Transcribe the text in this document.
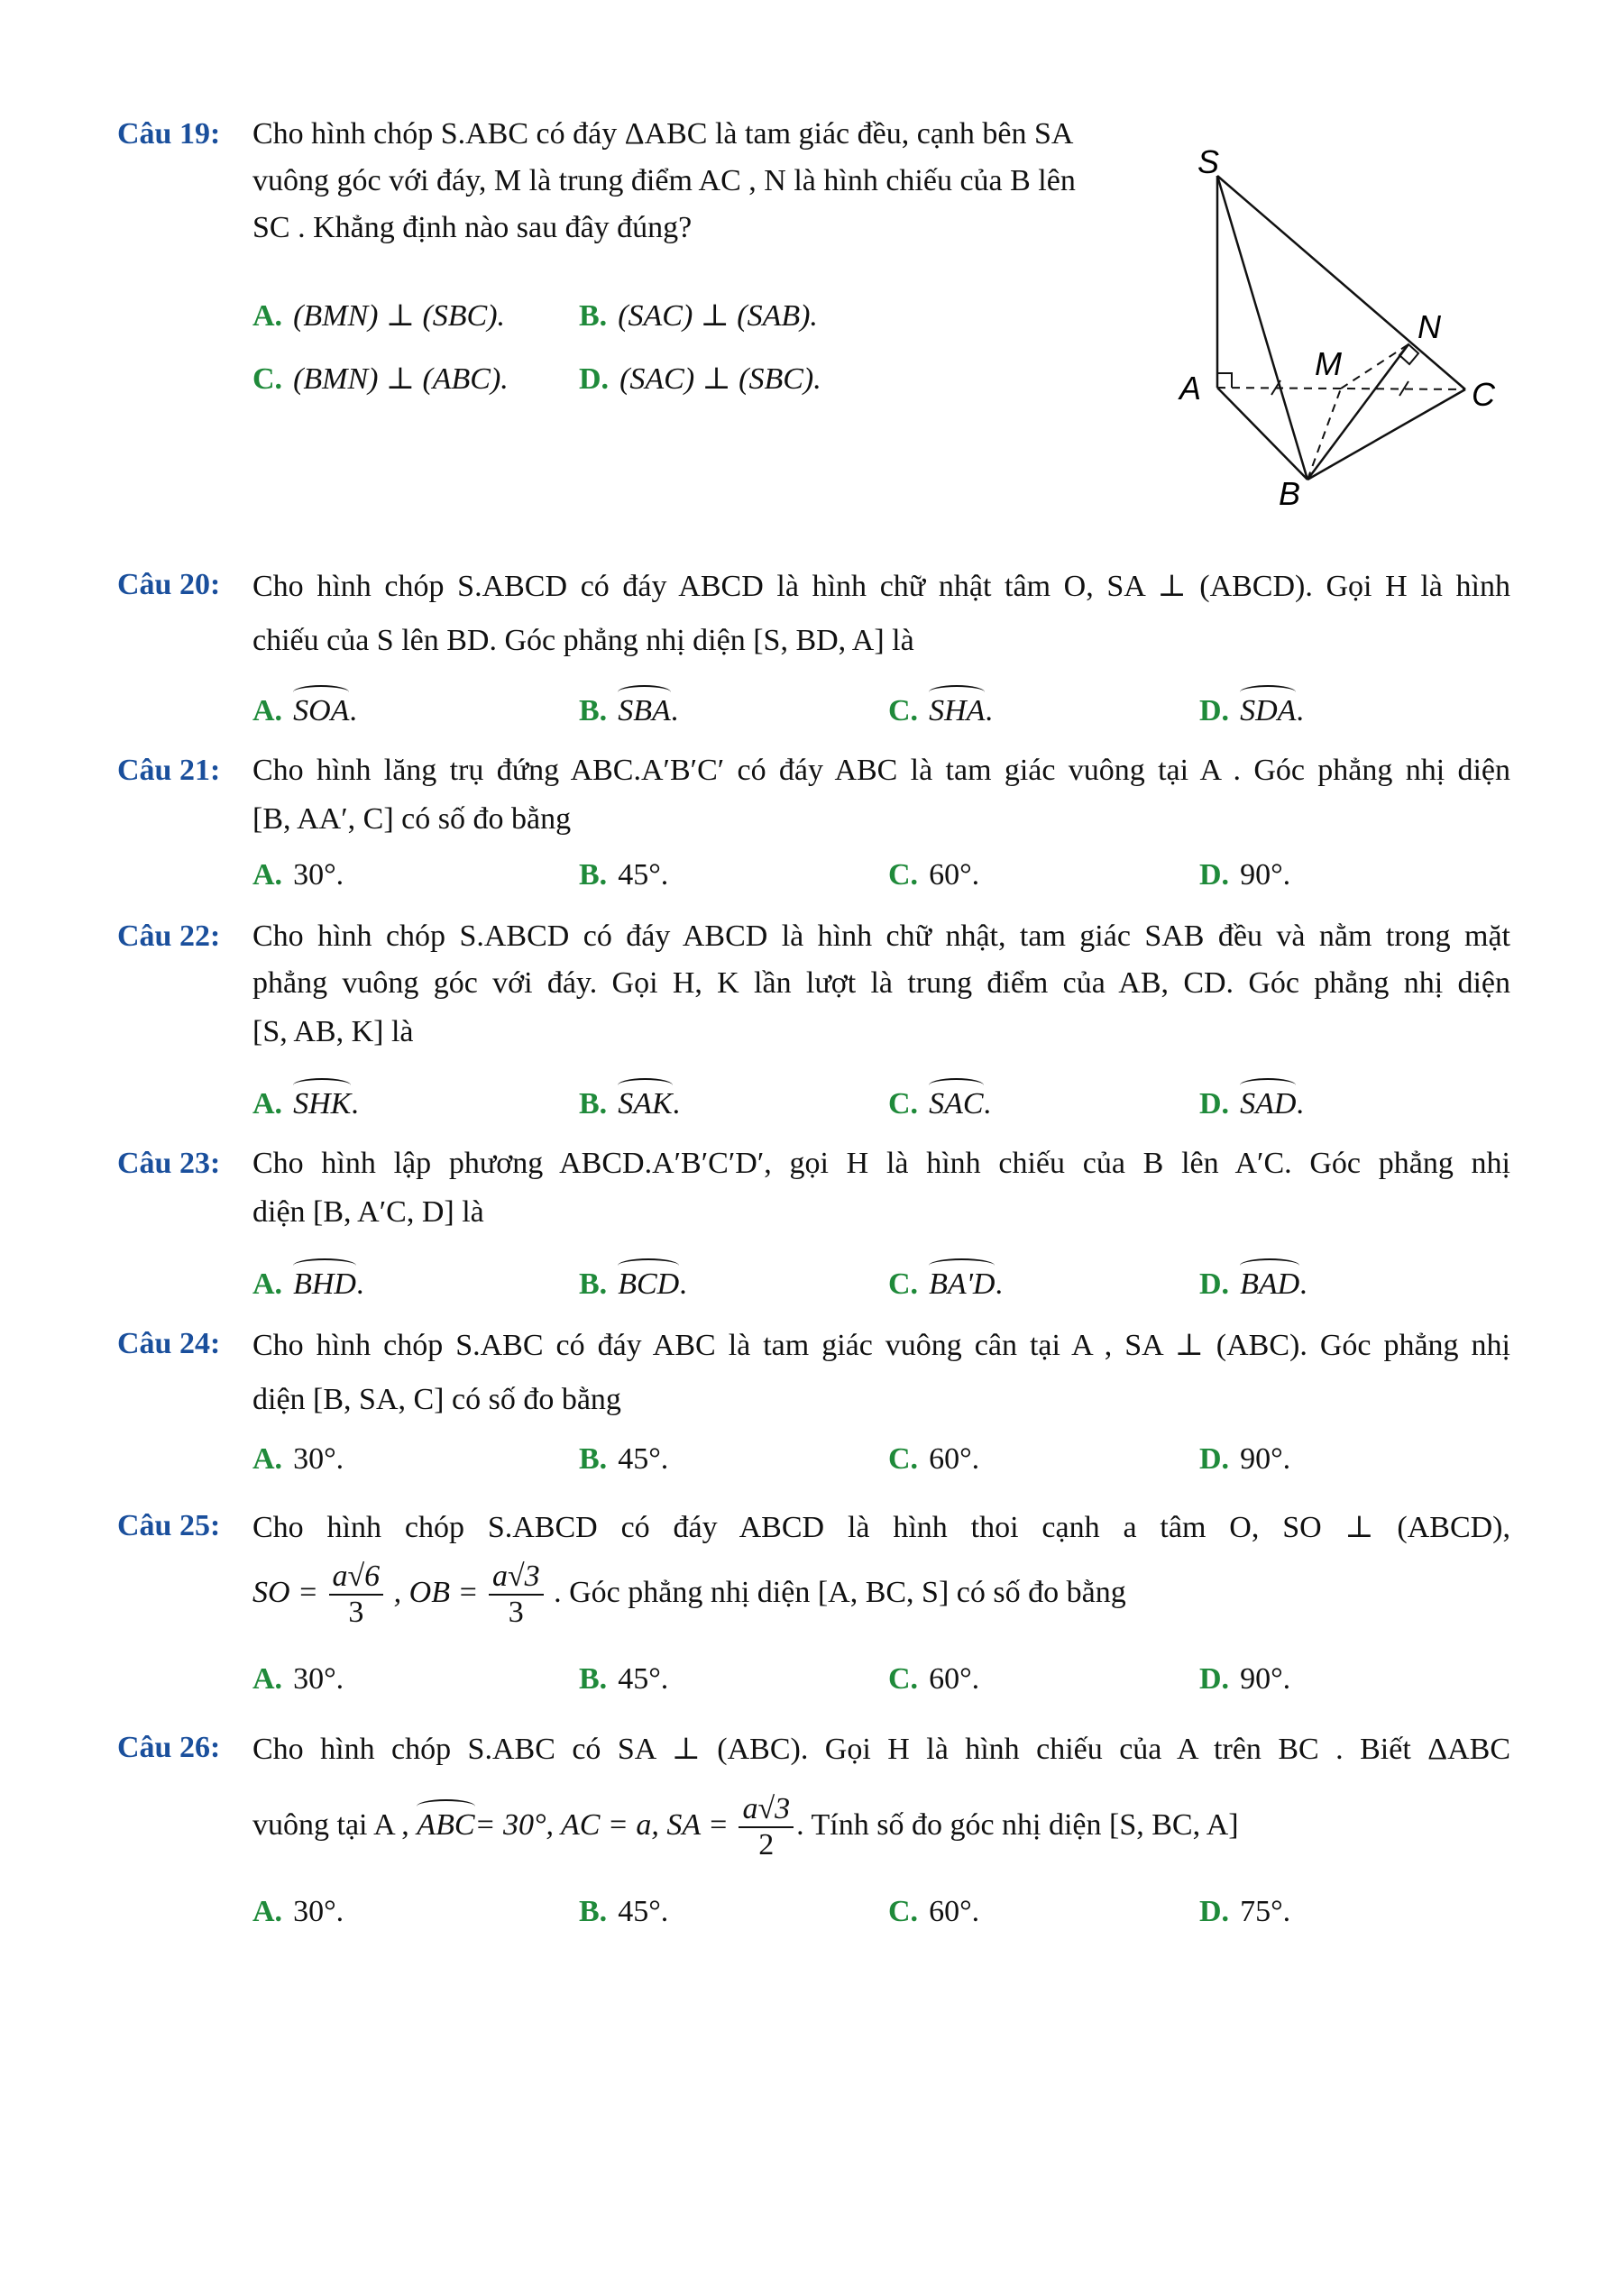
Câu 19: Cho hình chóp S.ABC có đáy ΔABC là tam giác đều, cạnh bên SA
vuông góc với đáy, M là trung điểm AC , N là hình chiếu của B lên
SC . Khẳng định nào sau đây đúng?
A. (BMN) ⊥ (SBC). B. (SAC) ⊥ (SAB).
C. (BMN) ⊥ (ABC). D. (SAC) ⊥ (SBC).
S
N
M
A	C
B
Câu 20: Cho hình chóp S.ABCD có đáy ABCD là hình chữ nhật tâm O, SA ⊥ (ABCD). Gọi H là hình
chiếu của S lên BD. Góc phẳng nhị diện [S, BD, A] là
A. SOA.	B. SBA.	C. SHA.	D. SDA.
Câu 21: Cho hình lăng trụ đứng ABC.A′B′C′ có đáy ABC là tam giác vuông tại A . Góc phẳng nhị diện
[B, AA′, C] có số đo bằng
A. 30°.	B. 45°.	C. 60°.	D. 90°.
Câu 22: Cho hình chóp S.ABCD có đáy ABCD là hình chữ nhật, tam giác SAB đều và nằm trong mặt
phẳng vuông góc với đáy. Gọi H, K lần lượt là trung điểm của AB, CD. Góc phẳng nhị diện
[S, AB, K] là
A. SHK.	B. SAK.	C. SAC.	D. SAD.
Câu 23: Cho hình lập phương ABCD.A′B′C′D′, gọi H là hình chiếu của B lên A′C. Góc phẳng nhị
diện [B, A′C, D] là
A. BHD.	B. BCD.	C. BA'D.	D. BAD.
Câu 24: Cho hình chóp S.ABC có đáy ABC là tam giác vuông cân tại A , SA ⊥ (ABC). Góc phẳng nhị
diện [B, SA, C] có số đo bằng
A. 30°.	B. 45°.	C. 60°.	D. 90°.
Câu 25: Cho hình chóp S.ABCD có đáy ABCD là hình thoi cạnh a tâm O, SO ⊥ (ABCD),
SO = $\frac{a√6}{3}$ , OB = $\frac{a√3}{3}$ . Góc phẳng nhị diện [A, BC, S] có số đo bằng
A. 30°.	B. 45°.	C. 60°.	D. 90°.
Câu 26: Cho hình chóp S.ABC có SA ⊥ (ABC). Gọi H là hình chiếu của A trên BC . Biết ΔABC
vuông tại A , ABC= 30°, AC = a, SA = $\frac{a√3}{2}$ . Tính số đo góc nhị diện [S, BC, A]
A. 30°.	B. 45°.	C. 60°.	D. 75°.
